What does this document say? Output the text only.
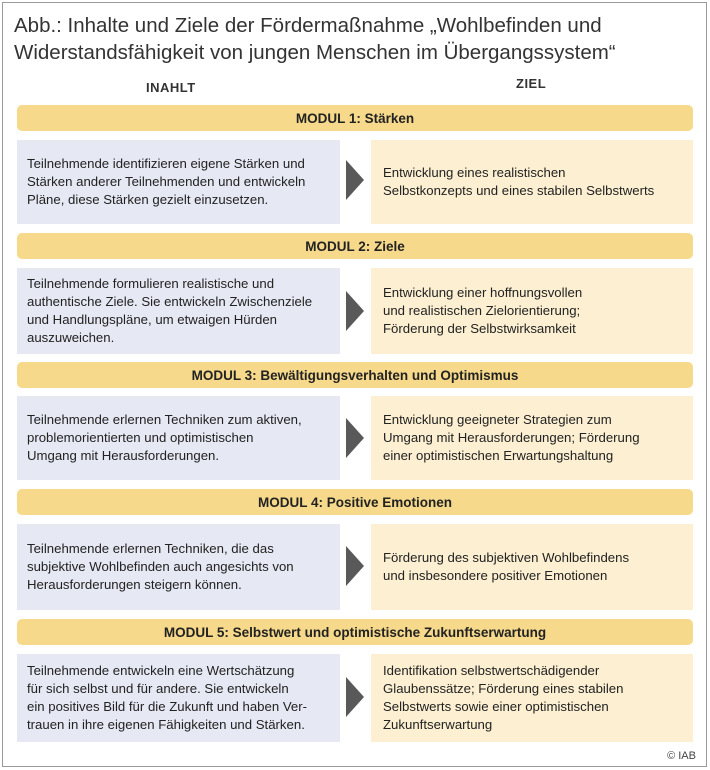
Abb.: Inhalte und Ziele der Fördermaßnahme „Wohlbefinden und Widerstandsfähigkeit von jungen Menschen im Übergangssystem“
INAHLT	ZIEL
MODUL 1: Stärken
Teilnehmende identifizieren eigene Stärken und
Stärken anderer Teilnehmenden und entwickeln
Pläne, diese Stärken gezielt einzusetzen.
Entwicklung eines realistischen
Selbstkonzepts und eines stabilen Selbstwerts
MODUL 2: Ziele
Teilnehmende formulieren realistische und
authentische Ziele. Sie entwickeln Zwischenziele
und Handlungspläne, um etwaigen Hürden
auszuweichen.
Entwicklung einer hoffnungsvollen
und realistischen Zielorientierung;
Förderung der Selbstwirksamkeit
MODUL 3: Bewältigungsverhalten und Optimismus
Teilnehmende erlernen Techniken zum aktiven,
problemorientierten und optimistischen
Umgang mit Herausforderungen.
Entwicklung geeigneter Strategien zum
Umgang mit Herausforderungen; Förderung
einer optimistischen Erwartungshaltung
MODUL 4: Positive Emotionen
Teilnehmende erlernen Techniken, die das
subjektive Wohlbefinden auch angesichts von
Herausforderungen steigern können.
Förderung des subjektiven Wohlbefindens
und insbesondere positiver Emotionen
MODUL 5: Selbstwert und optimistische Zukunftserwartung
Teilnehmende entwickeln eine Wertschätzung
für sich selbst und für andere. Sie entwickeln
ein positives Bild für die Zukunft und haben Ver-
trauen in ihre eigenen Fähigkeiten und Stärken.
Identifikation selbstwertschädigender
Glaubenssätze; Förderung eines stabilen
Selbstwerts sowie einer optimistischen
Zukunftserwartung
© IAB
